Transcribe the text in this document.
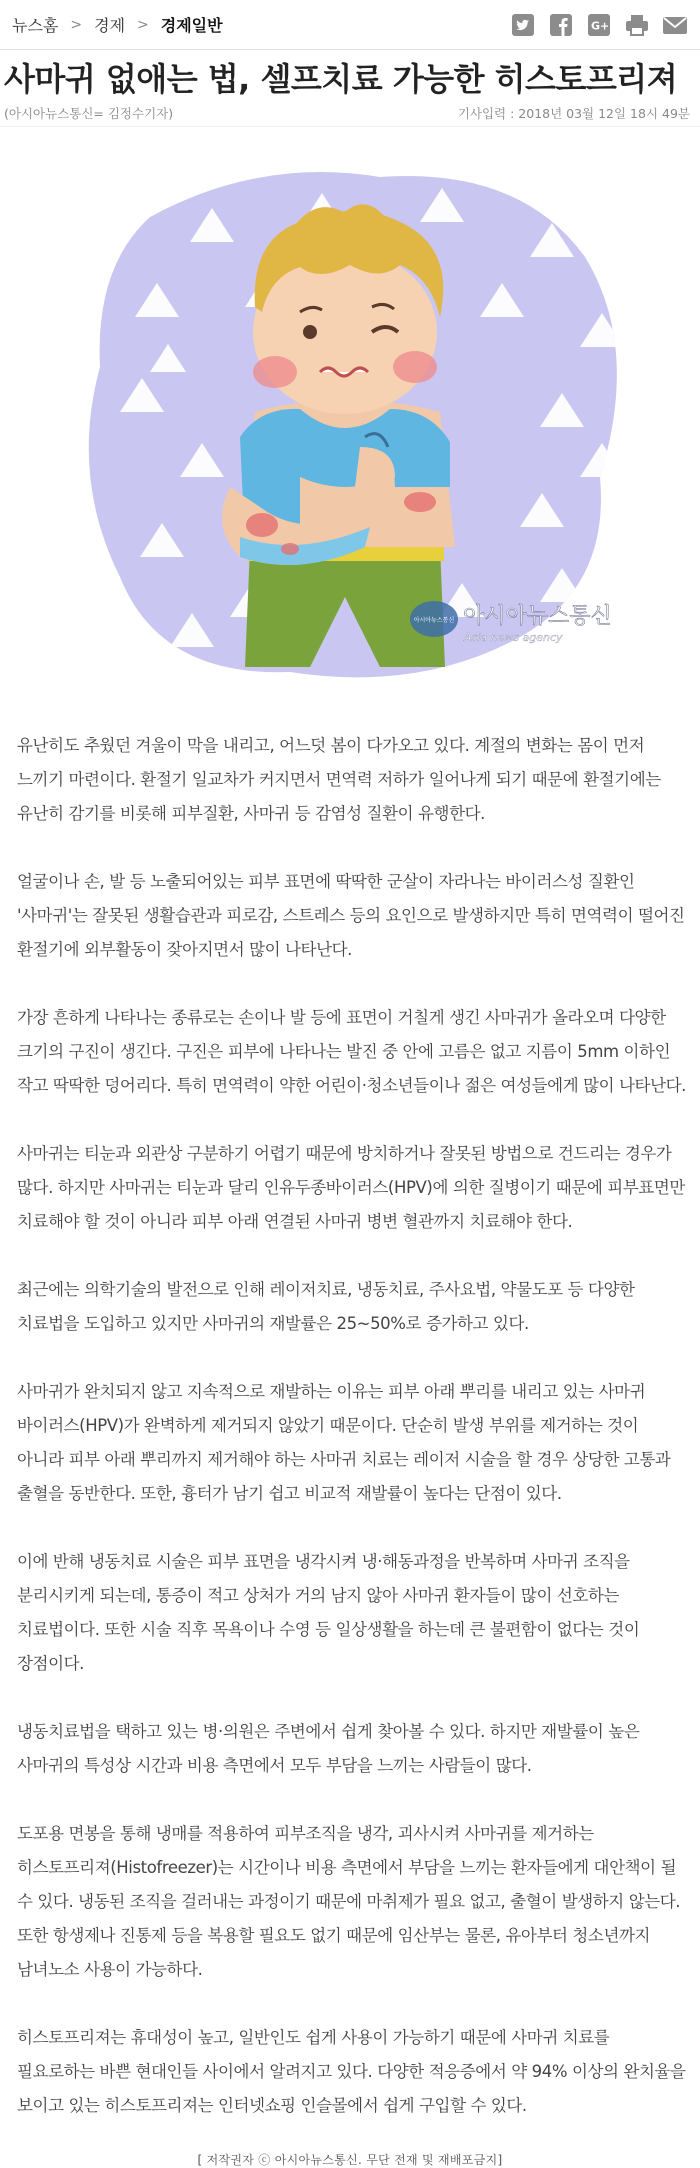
뉴스홈 > 경제 > 경제일반	G+
사마귀 없애는 법, 셀프치료 가능한 히스토프리져
(아시아뉴스통신= 김정수기자)	기사입력 : 2018년 03월 12일 18시 49분
아시아뉴스통신 아시아뉴스통신
Asia news agency

유난히도 추웠던 겨울이 막을 내리고, 어느덧 봄이 다가오고 있다. 계절의 변화는 몸이 먼저 느끼기 마련이다. 환절기 일교차가 커지면서 면역력 저하가 일어나게 되기 때문에 환절기에는 유난히 감기를 비롯해 피부질환, 사마귀 등 감염성 질환이 유행한다.

얼굴이나 손, 발 등 노출되어있는 피부 표면에 딱딱한 군살이 자라나는 바이러스성 질환인 '사마귀'는 잘못된 생활습관과 피로감, 스트레스 등의 요인으로 발생하지만 특히 면역력이 떨어진 환절기에 외부활동이 잦아지면서 많이 나타난다.

가장 흔하게 나타나는 종류로는 손이나 발 등에 표면이 거칠게 생긴 사마귀가 올라오며 다양한 크기의 구진이 생긴다. 구진은 피부에 나타나는 발진 중 안에 고름은 없고 지름이 5mm 이하인 작고 딱딱한 덩어리다. 특히 면역력이 약한 어린이·청소년들이나 젊은 여성들에게 많이 나타난다.

사마귀는 티눈과 외관상 구분하기 어렵기 때문에 방치하거나 잘못된 방법으로 건드리는 경우가 많다. 하지만 사마귀는 티눈과 달리 인유두종바이러스(HPV)에 의한 질병이기 때문에 피부표면만 치료해야 할 것이 아니라 피부 아래 연결된 사마귀 병변 혈관까지 치료해야 한다.

최근에는 의학기술의 발전으로 인해 레이저치료, 냉동치료, 주사요법, 약물도포 등 다양한 치료법을 도입하고 있지만 사마귀의 재발률은 25~50%로 증가하고 있다.

사마귀가 완치되지 않고 지속적으로 재발하는 이유는 피부 아래 뿌리를 내리고 있는 사마귀 바이러스(HPV)가 완벽하게 제거되지 않았기 때문이다. 단순히 발생 부위를 제거하는 것이 아니라 피부 아래 뿌리까지 제거해야 하는 사마귀 치료는 레이저 시술을 할 경우 상당한 고통과 출혈을 동반한다. 또한, 흉터가 남기 쉽고 비교적 재발률이 높다는 단점이 있다.

이에 반해 냉동치료 시술은 피부 표면을 냉각시켜 냉·해동과정을 반복하며 사마귀 조직을 분리시키게 되는데, 통증이 적고 상처가 거의 남지 않아 사마귀 환자들이 많이 선호하는 치료법이다. 또한 시술 직후 목욕이나 수영 등 일상생활을 하는데 큰 불편함이 없다는 것이 장점이다.

냉동치료법을 택하고 있는 병·의원은 주변에서 쉽게 찾아볼 수 있다. 하지만 재발률이 높은 사마귀의 특성상 시간과 비용 측면에서 모두 부담을 느끼는 사람들이 많다.

도포용 면봉을 통해 냉매를 적용하여 피부조직을 냉각, 괴사시켜 사마귀를 제거하는 히스토프리져(Histofreezer)는 시간이나 비용 측면에서 부담을 느끼는 환자들에게 대안책이 될 수 있다. 냉동된 조직을 걸러내는 과정이기 때문에 마취제가 필요 없고, 출혈이 발생하지 않는다. 또한 항생제나 진통제 등을 복용할 필요도 없기 때문에 임산부는 물론, 유아부터 청소년까지 남녀노소 사용이 가능하다.

히스토프리져는 휴대성이 높고, 일반인도 쉽게 사용이 가능하기 때문에 사마귀 치료를 필요로하는 바쁜 현대인들 사이에서 알려지고 있다. 다양한 적응증에서 약 94% 이상의 완치율을 보이고 있는 히스토프리져는 인터넷쇼핑 인슬몰에서 쉽게 구입할 수 있다.

[ 저작권자 ⓒ 아시아뉴스통신. 무단 전재 및 재배포금지]
